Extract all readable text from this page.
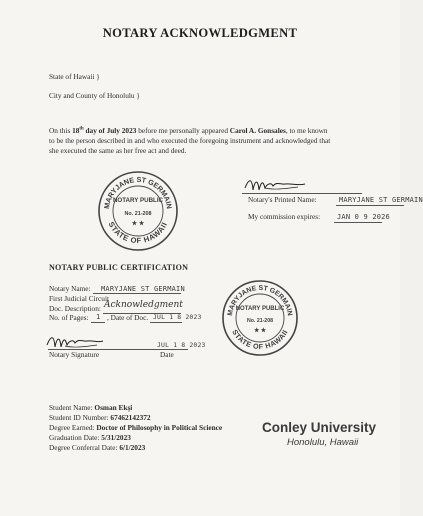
NOTARY ACKNOWLEDGMENT
State of Hawaii }
City and County of Honolulu }
On this 18th day of July 2023 before me personally appeared Carol A. Gonsales, to me known
to be the person described in and who executed the foregoing instrument and acknowledged that
she executed the same as her free act and deed.
MARYJANE ST GERMAIN
STATE OF HAWAII
NOTARY PUBLIC
No. 21-208
★ ★
Notary's Printed Name:	MARYJANE ST GERMAIN
My commission expires: JAN 0 9 2026
NOTARY PUBLIC CERTIFICATION
Notary Name: MARYJANE ST GERMAIN
First Judicial Circuit
Doc. Description: Acknowledgment
No. of Pages: 1 , Date of Doc. JUL 1 8 2023
MARYJANE ST GERMAIN
STATE OF HAWAII
NOTARY PUBLIC
No. 21-208
★ ★
JUL 1 8 2023
Notary Signature	Date
Student Name: Osman Ekşi
Student ID Number: 67462142372
Degree Earned: Doctor of Philosophy in Political Science
Graduation Date: 5/31/2023
Degree Conferral Date: 6/1/2023
Conley University
Honolulu, Hawaii
